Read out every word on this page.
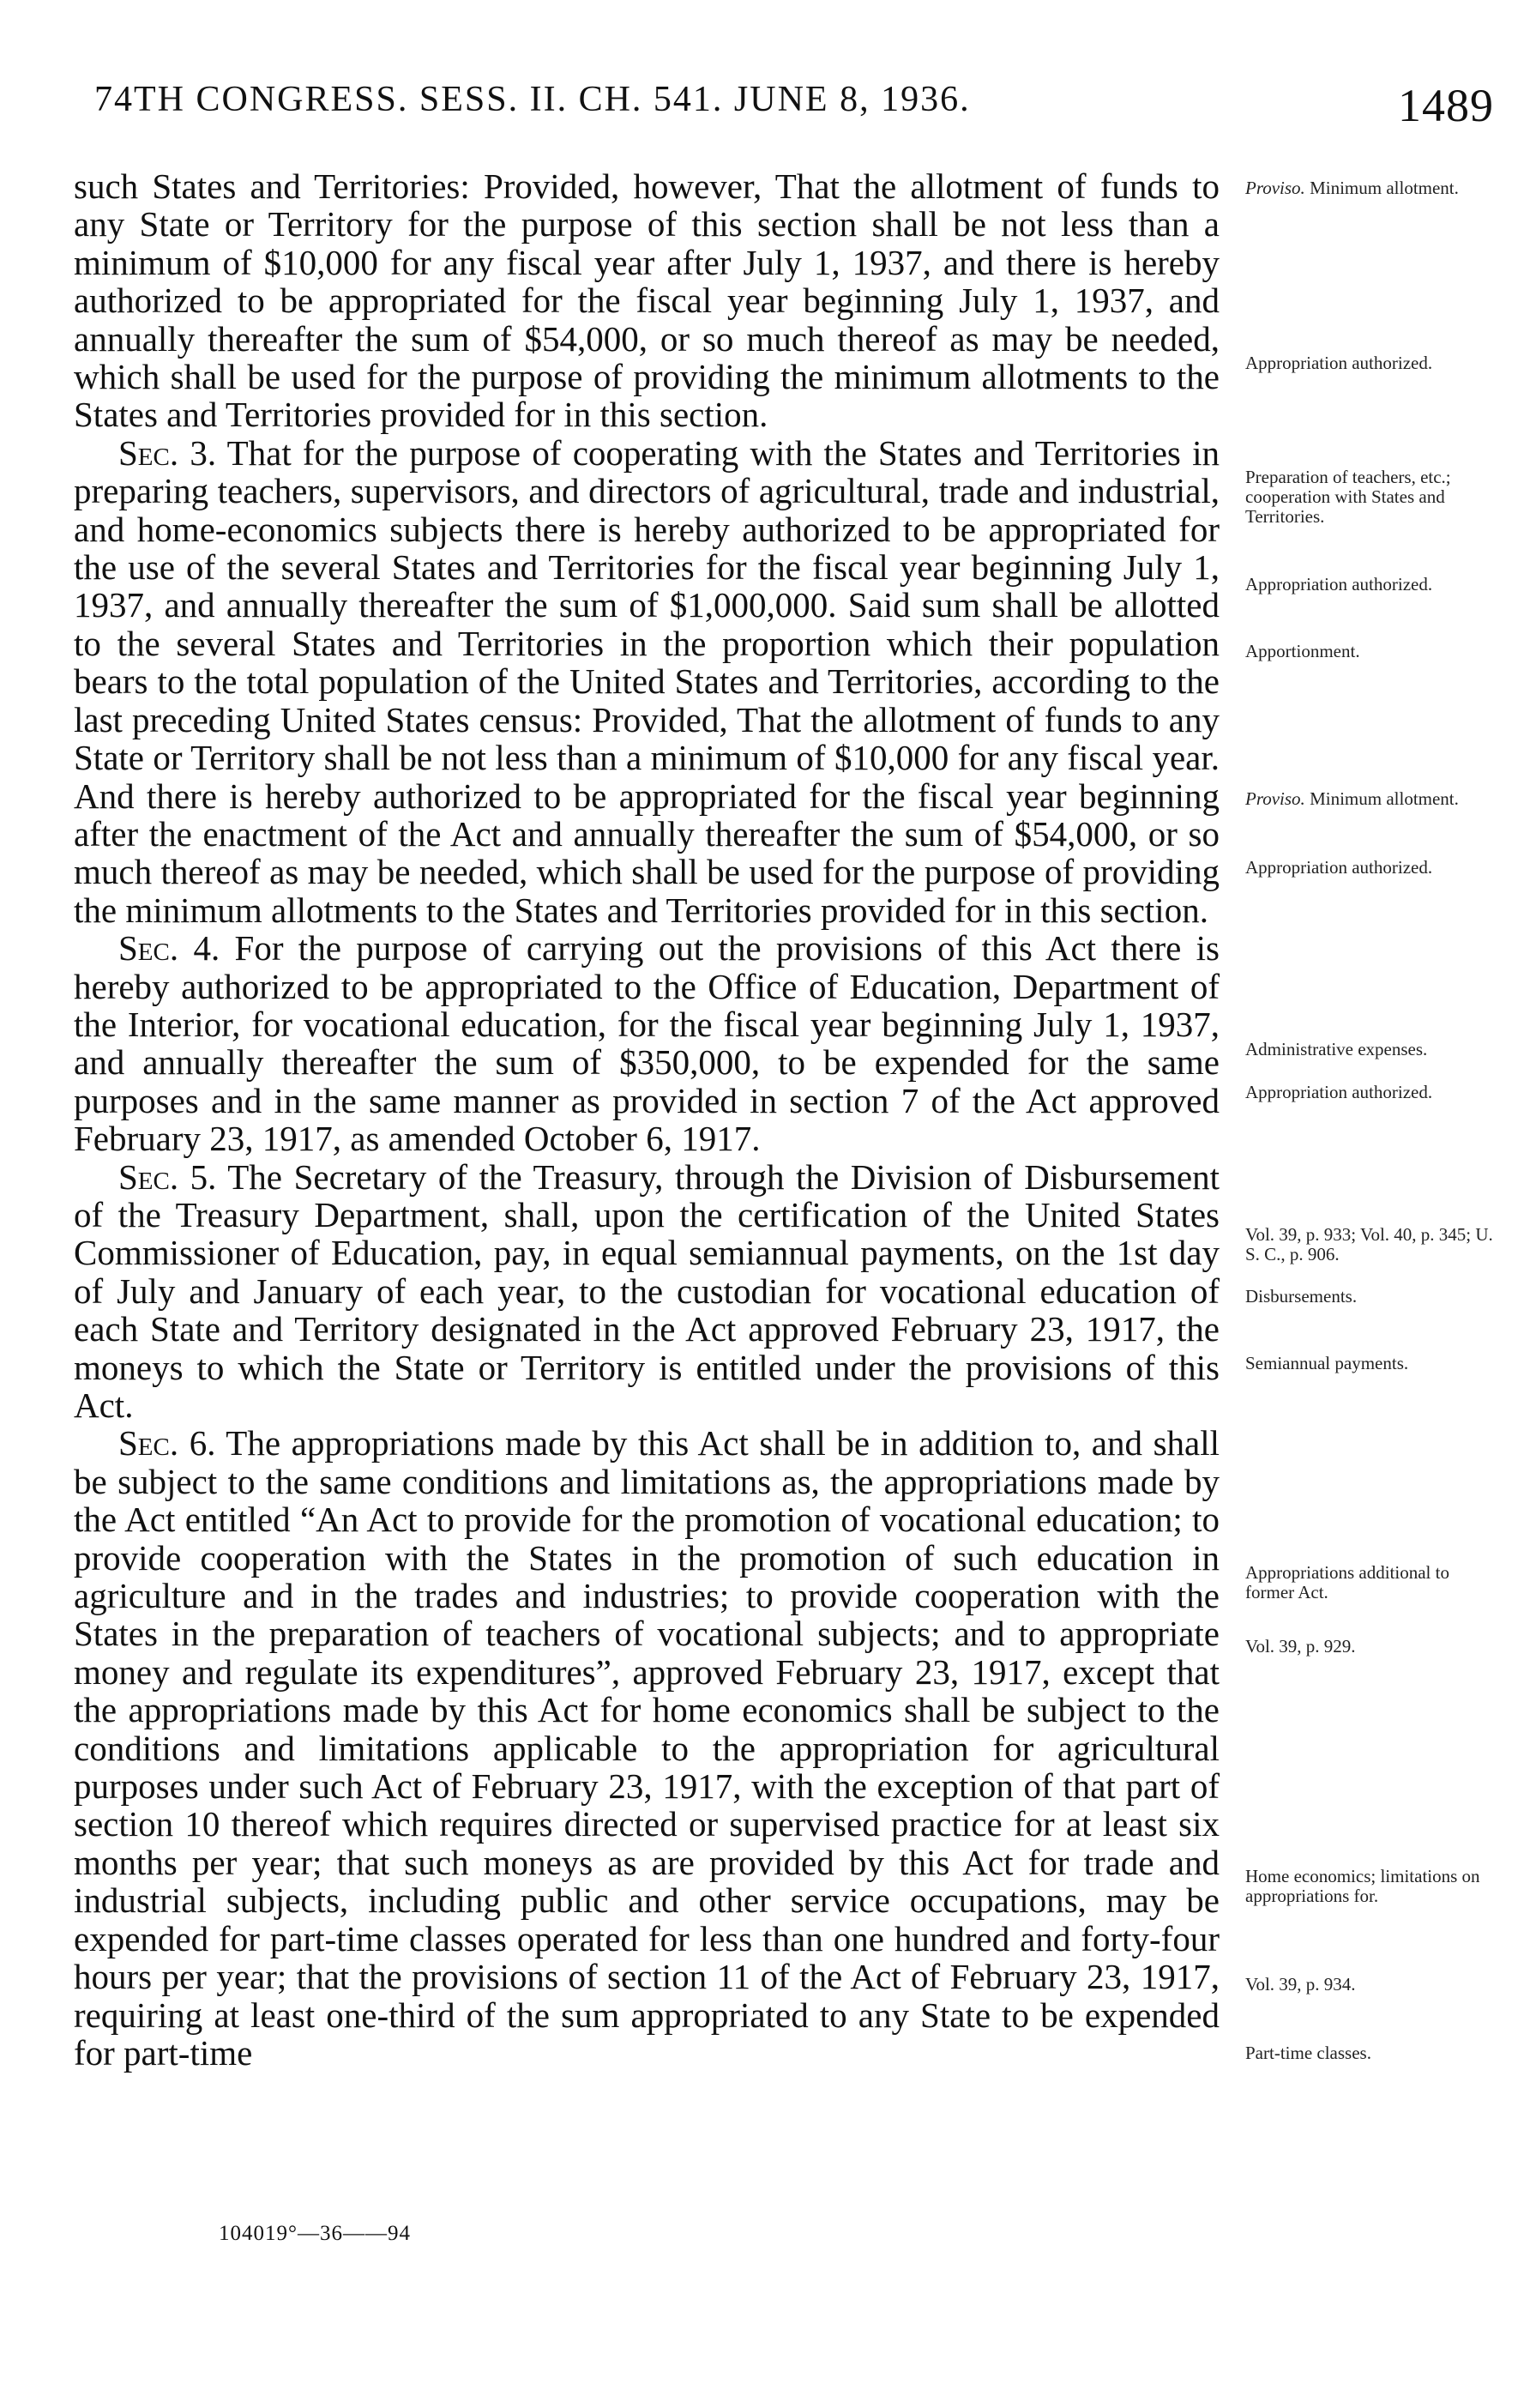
74TH CONGRESS. SESS. II. CH. 541. JUNE 8, 1936.	1489

such States and Territories: Provided, however, That the allotment of funds to any State or Territory for the purpose of this section shall be not less than a minimum of $10,000 for any fiscal year after July 1, 1937, and there is hereby authorized to be appropriated for the fiscal year beginning July 1, 1937, and annually thereafter the sum of $54,000, or so much thereof as may be needed, which shall be used for the purpose of providing the minimum allotments to the States and Territories provided for in this section.

Sec. 3. That for the purpose of cooperating with the States and Territories in preparing teachers, supervisors, and directors of agricultural, trade and industrial, and home-economics subjects there is hereby authorized to be appropriated for the use of the several States and Territories for the fiscal year beginning July 1, 1937, and annually thereafter the sum of $1,000,000. Said sum shall be allotted to the several States and Territories in the proportion which their population bears to the total population of the United States and Territories, according to the last preceding United States census: Provided, That the allotment of funds to any State or Territory shall be not less than a minimum of $10,000 for any fiscal year. And there is hereby authorized to be appropriated for the fiscal year beginning after the enactment of the Act and annually thereafter the sum of $54,000, or so much thereof as may be needed, which shall be used for the purpose of providing the minimum allotments to the States and Territories provided for in this section.

Sec. 4. For the purpose of carrying out the provisions of this Act there is hereby authorized to be appropriated to the Office of Education, Department of the Interior, for vocational education, for the fiscal year beginning July 1, 1937, and annually thereafter the sum of $350,000, to be expended for the same purposes and in the same manner as provided in section 7 of the Act approved February 23, 1917, as amended October 6, 1917.

Sec. 5. The Secretary of the Treasury, through the Division of Disbursement of the Treasury Department, shall, upon the certification of the United States Commissioner of Education, pay, in equal semiannual payments, on the 1st day of July and January of each year, to the custodian for vocational education of each State and Territory designated in the Act approved February 23, 1917, the moneys to which the State or Territory is entitled under the provisions of this Act.

Sec. 6. The appropriations made by this Act shall be in addition to, and shall be subject to the same conditions and limitations as, the appropriations made by the Act entitled “An Act to provide for the promotion of vocational education; to provide cooperation with the States in the promotion of such education in agriculture and in the trades and industries; to provide cooperation with the States in the preparation of teachers of vocational subjects; and to appropriate money and regulate its expenditures”, approved February 23, 1917, except that the appropriations made by this Act for home economics shall be subject to the conditions and limitations applicable to the appropriation for agricultural purposes under such Act of February 23, 1917, with the exception of that part of section 10 thereof which requires directed or supervised practice for at least six months per year; that such moneys as are provided by this Act for trade and industrial subjects, including public and other service occupations, may be expended for part-time classes operated for less than one hundred and forty-four hours per year; that the provisions of section 11 of the Act of February 23, 1917, requiring at least one-third of the sum appropriated to any State to be expended for part-time

Proviso. Minimum allotment.
Appropriation authorized.
Preparation of teachers, etc.; cooperation with States and Territories.
Appropriation authorized.
Apportionment.
Proviso. Minimum allotment.
Appropriation authorized.
Administrative expenses.
Appropriation authorized.
Vol. 39, p. 933; Vol. 40, p. 345; U. S. C., p. 906.
Disbursements.
Semiannual payments.
Appropriations additional to former Act.
Vol. 39, p. 929.
Home economics; limitations on appropriations for.
Vol. 39, p. 934.
Part-time classes.
104019°—36——94
